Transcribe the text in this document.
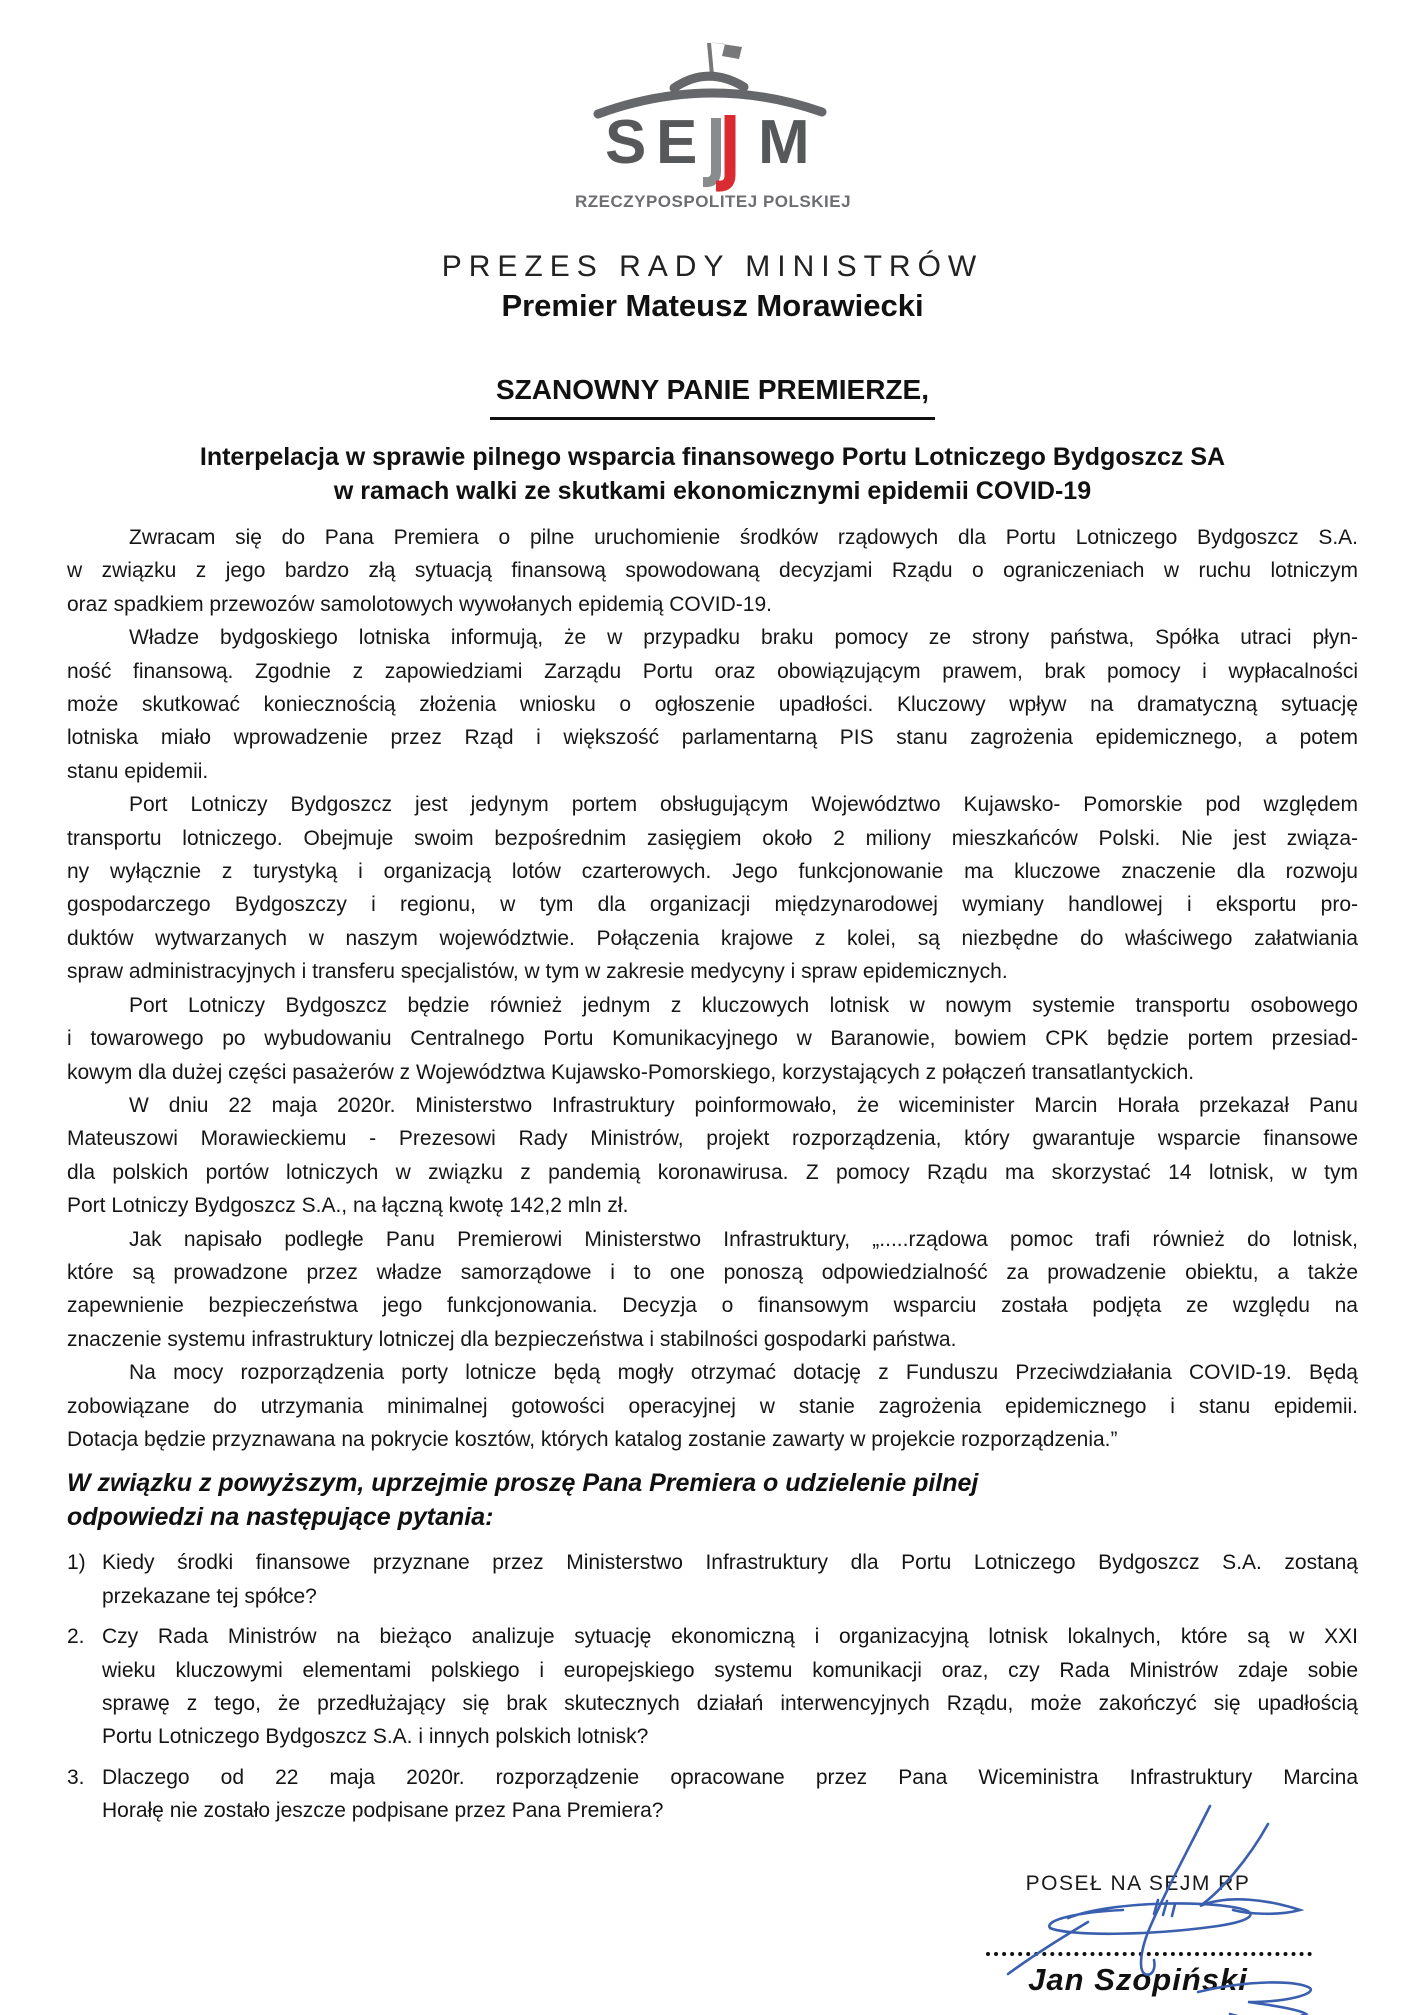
S E M
RZECZYPOSPOLITEJ POLSKIEJ
PREZES RADY MINISTRÓW
Premier Mateusz Morawiecki
SZANOWNY PANIE PREMIERZE,
Interpelacja w sprawie pilnego wsparcia finansowego Portu Lotniczego Bydgoszcz SA
w ramach walki ze skutkami ekonomicznymi epidemii COVID-19
Zwracam się do Pana Premiera o pilne uruchomienie środków rządowych dla Portu Lotniczego Bydgoszcz S.A.
w związku z jego bardzo złą sytuacją finansową spowodowaną decyzjami Rządu o ograniczeniach w ruchu lotniczym
oraz spadkiem przewozów samolotowych wywołanych epidemią COVID-19.
Władze bydgoskiego lotniska informują, że w przypadku braku pomocy ze strony państwa, Spółka utraci płyn-
ność finansową. Zgodnie z zapowiedziami Zarządu Portu oraz obowiązującym prawem, brak pomocy i wypłacalności
może skutkować koniecznością złożenia wniosku o ogłoszenie upadłości. Kluczowy wpływ na dramatyczną sytuację
lotniska miało wprowadzenie przez Rząd i większość parlamentarną PIS stanu zagrożenia epidemicznego, a potem
stanu epidemii.
Port Lotniczy Bydgoszcz jest jedynym portem obsługującym Województwo Kujawsko- Pomorskie pod względem
transportu lotniczego. Obejmuje swoim bezpośrednim zasięgiem około 2 miliony mieszkańców Polski. Nie jest związa-
ny wyłącznie z turystyką i organizacją lotów czarterowych. Jego funkcjonowanie ma kluczowe znaczenie dla rozwoju
gospodarczego Bydgoszczy i regionu, w tym dla organizacji międzynarodowej wymiany handlowej i eksportu pro-
duktów wytwarzanych w naszym województwie. Połączenia krajowe z kolei, są niezbędne do właściwego załatwiania
spraw administracyjnych i transferu specjalistów, w tym w zakresie medycyny i spraw epidemicznych.
Port Lotniczy Bydgoszcz będzie również jednym z kluczowych lotnisk w nowym systemie transportu osobowego
i towarowego po wybudowaniu Centralnego Portu Komunikacyjnego w Baranowie, bowiem CPK będzie portem przesiad-
kowym dla dużej części pasażerów z Województwa Kujawsko-Pomorskiego, korzystających z połączeń transatlantyckich.
W dniu 22 maja 2020r. Ministerstwo Infrastruktury poinformowało, że wiceminister Marcin Horała przekazał Panu
Mateuszowi Morawieckiemu - Prezesowi Rady Ministrów, projekt rozporządzenia, który gwarantuje wsparcie finansowe
dla polskich portów lotniczych w związku z pandemią koronawirusa. Z pomocy Rządu ma skorzystać 14 lotnisk, w tym
Port Lotniczy Bydgoszcz S.A., na łączną kwotę 142,2 mln zł.
Jak napisało podległe Panu Premierowi Ministerstwo Infrastruktury, „.....rządowa pomoc trafi również do lotnisk,
które są prowadzone przez władze samorządowe i to one ponoszą odpowiedzialność za prowadzenie obiektu, a także
zapewnienie bezpieczeństwa jego funkcjonowania. Decyzja o finansowym wsparciu została podjęta ze względu na
znaczenie systemu infrastruktury lotniczej dla bezpieczeństwa i stabilności gospodarki państwa.
Na mocy rozporządzenia porty lotnicze będą mogły otrzymać dotację z Funduszu Przeciwdziałania COVID-19. Będą
zobowiązane do utrzymania minimalnej gotowości operacyjnej w stanie zagrożenia epidemicznego i stanu epidemii.
Dotacja będzie przyznawana na pokrycie kosztów, których katalog zostanie zawarty w projekcie rozporządzenia.”
W związku z powyższym, uprzejmie proszę Pana Premiera o udzielenie pilnej
odpowiedzi na następujące pytania:
1) Kiedy środki finansowe przyznane przez Ministerstwo Infrastruktury dla Portu Lotniczego Bydgoszcz S.A. zostaną
przekazane tej spółce?
2. Czy Rada Ministrów na bieżąco analizuje sytuację ekonomiczną i organizacyjną lotnisk lokalnych, które są w XXI
wieku kluczowymi elementami polskiego i europejskiego systemu komunikacji oraz, czy Rada Ministrów zdaje sobie
sprawę z tego, że przedłużający się brak skutecznych działań interwencyjnych Rządu, może zakończyć się upadłością
Portu Lotniczego Bydgoszcz S.A. i innych polskich lotnisk?
3. Dlaczego od 22 maja 2020r. rozporządzenie opracowane przez Pana Wiceministra Infrastruktury Marcina
Horałę nie zostało jeszcze podpisane przez Pana Premiera?
POSEŁ NA SEJM RP
Jan Szopiński
